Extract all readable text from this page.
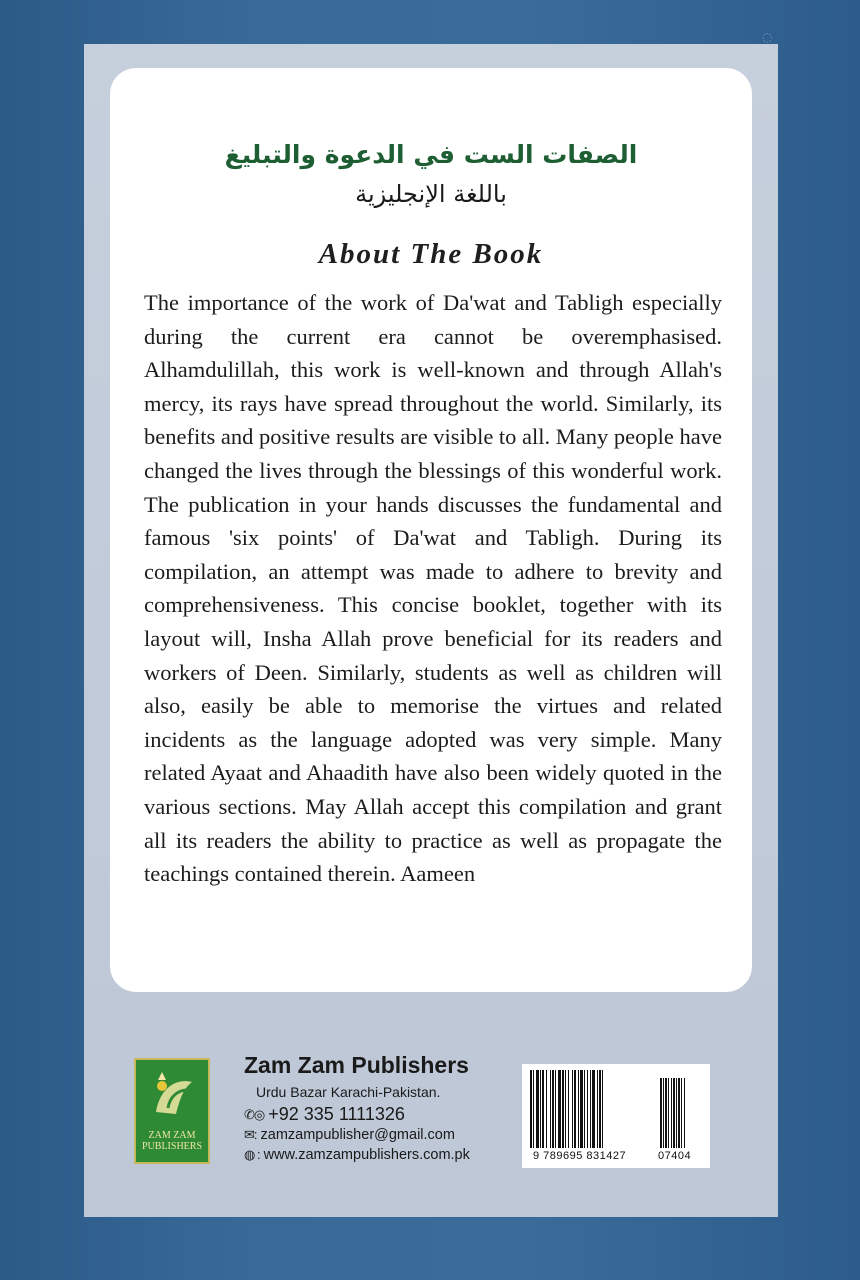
◌
الصفات الست في الدعوة والتبليغ
باللغة الإنجليزية
About The Book
The importance of the work of Da'wat and Tabligh especially during the current era cannot be overemphasised. Alhamdulillah, this work is well-known and through Allah's mercy, its rays have spread throughout the world. Similarly, its benefits and positive results are visible to all. Many people have changed the lives through the blessings of this wonderful work. The publication in your hands discusses the fundamental and famous 'six points' of Da'wat and Tabligh. During its compilation, an attempt was made to adhere to brevity and comprehensiveness. This concise booklet, together with its layout will, Insha Allah prove beneficial for its readers and workers of Deen. Similarly, students as well as children will also, easily be able to memorise the virtues and related incidents as the language adopted was very simple. Many related Ayaat and Ahaadith have also been widely quoted in the various sections. May Allah accept this compilation and grant all its readers the ability to practice as well as propagate the teachings contained therein. Aameen
ZAM ZAM
PUBLISHERS
Zam Zam Publishers
Urdu Bazar Karachi-Pakistan.
✆◎ +92 335 1111326
✉: zamzampublisher@gmail.com
◍ : www.zamzampublishers.com.pk	9 789695 831427	07404
